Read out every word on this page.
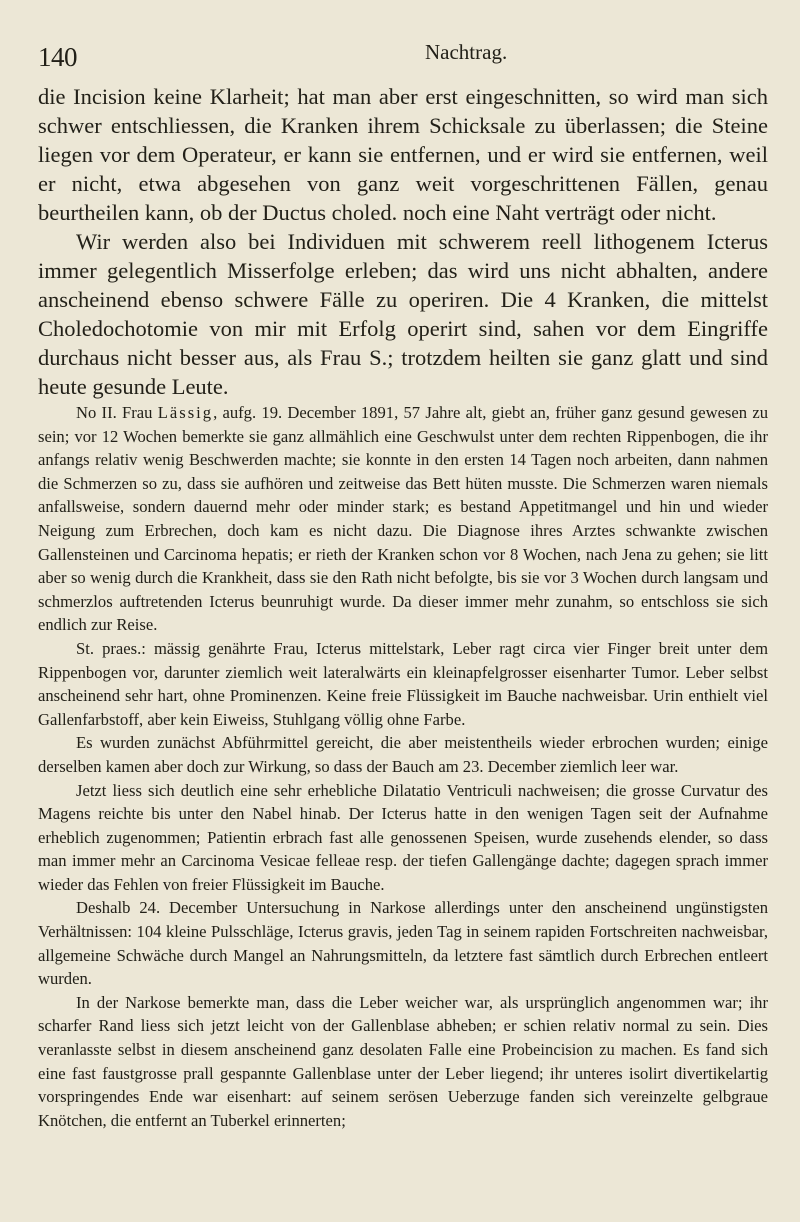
140	Nachtrag.

die Incision keine Klarheit; hat man aber erst eingeschnitten, so wird man sich schwer entschliessen, die Kranken ihrem Schicksale zu überlassen; die Steine liegen vor dem Operateur, er kann sie entfernen, und er wird sie entfernen, weil er nicht, etwa abgesehen von ganz weit vorgeschrittenen Fällen, genau beurtheilen kann, ob der Ductus choled. noch eine Naht verträgt oder nicht.

Wir werden also bei Individuen mit schwerem reell lithogenem Icterus immer gelegentlich Misserfolge erleben; das wird uns nicht abhalten, andere anscheinend ebenso schwere Fälle zu operiren. Die 4 Kranken, die mittelst Choledochotomie von mir mit Erfolg operirt sind, sahen vor dem Eingriffe durchaus nicht besser aus, als Frau S.; trotzdem heilten sie ganz glatt und sind heute gesunde Leute.

No II. Frau Lässig, aufg. 19. December 1891, 57 Jahre alt, giebt an, früher ganz gesund gewesen zu sein; vor 12 Wochen bemerkte sie ganz allmählich eine Geschwulst unter dem rechten Rippenbogen, die ihr anfangs relativ wenig Beschwerden machte; sie konnte in den ersten 14 Tagen noch arbeiten, dann nahmen die Schmerzen so zu, dass sie aufhören und zeitweise das Bett hüten musste. Die Schmerzen waren niemals anfallsweise, sondern dauernd mehr oder minder stark; es bestand Appetitmangel und hin und wieder Neigung zum Erbrechen, doch kam es nicht dazu. Die Diagnose ihres Arztes schwankte zwischen Gallensteinen und Carcinoma hepatis; er rieth der Kranken schon vor 8 Wochen, nach Jena zu gehen; sie litt aber so wenig durch die Krankheit, dass sie den Rath nicht befolgte, bis sie vor 3 Wochen durch langsam und schmerzlos auftretenden Icterus beunruhigt wurde. Da dieser immer mehr zunahm, so entschloss sie sich endlich zur Reise.

St. praes.: mässig genährte Frau, Icterus mittelstark, Leber ragt circa vier Finger breit unter dem Rippenbogen vor, darunter ziemlich weit lateralwärts ein kleinapfelgrosser eisenharter Tumor. Leber selbst anscheinend sehr hart, ohne Prominenzen. Keine freie Flüssigkeit im Bauche nachweisbar. Urin enthielt viel Gallenfarbstoff, aber kein Eiweiss, Stuhlgang völlig ohne Farbe.

Es wurden zunächst Abführmittel gereicht, die aber meistentheils wieder erbrochen wurden; einige derselben kamen aber doch zur Wirkung, so dass der Bauch am 23. December ziemlich leer war.

Jetzt liess sich deutlich eine sehr erhebliche Dilatatio Ventriculi nachweisen; die grosse Curvatur des Magens reichte bis unter den Nabel hinab. Der Icterus hatte in den wenigen Tagen seit der Aufnahme erheblich zugenommen; Patientin erbrach fast alle genossenen Speisen, wurde zusehends elender, so dass man immer mehr an Carcinoma Vesicae felleae resp. der tiefen Gallengänge dachte; dagegen sprach immer wieder das Fehlen von freier Flüssigkeit im Bauche.

Deshalb 24. December Untersuchung in Narkose allerdings unter den anscheinend ungünstigsten Verhältnissen: 104 kleine Pulsschläge, Icterus gravis, jeden Tag in seinem rapiden Fortschreiten nachweisbar, allgemeine Schwäche durch Mangel an Nahrungsmitteln, da letztere fast sämtlich durch Erbrechen entleert wurden.

In der Narkose bemerkte man, dass die Leber weicher war, als ursprünglich angenommen war; ihr scharfer Rand liess sich jetzt leicht von der Gallenblase abheben; er schien relativ normal zu sein. Dies veranlasste selbst in diesem anscheinend ganz desolaten Falle eine Probeincision zu machen. Es fand sich eine fast faustgrosse prall gespannte Gallenblase unter der Leber liegend; ihr unteres isolirt divertikelartig vorspringendes Ende war eisenhart: auf seinem serösen Ueberzuge fanden sich vereinzelte gelbgraue Knötchen, die entfernt an Tuberkel erinnerten;
